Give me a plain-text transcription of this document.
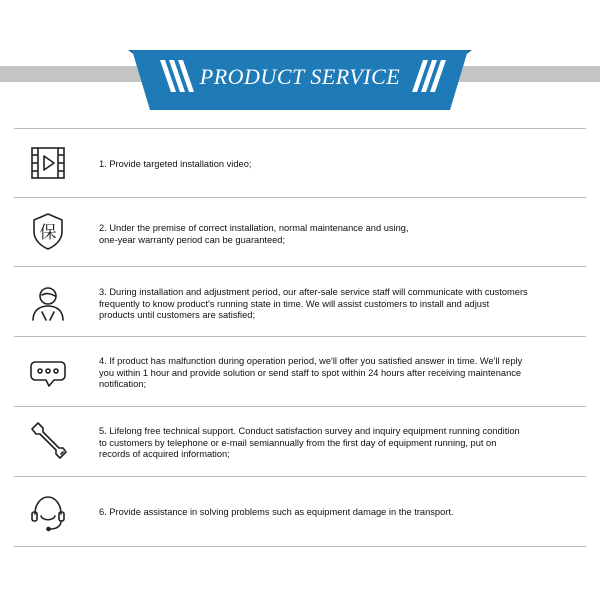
PRODUCT SERVICE
1. Provide targeted installation video;
保	2. Under the premise of correct installation, normal maintenance and using,
one-year warranty period can be guaranteed;
3. During installation and adjustment period, our after-sale service staff will communicate with customers
frequently to know product's running state in time. We will assist customers to install and adjust
products until customers are satisfied;
4. If product has malfunction during operation period, we'll offer you satisfied answer in time. We'll reply
you within 1 hour and provide solution or send staff to spot within 24 hours after receiving maintenance
notification;
5. Lifelong free technical support. Conduct satisfaction survey and inquiry equipment running condition
to customers by telephone or e-mail semiannually from the first day of equipment running, put on
records of acquired information;
6. Provide assistance in solving problems such as equipment damage in the transport.
